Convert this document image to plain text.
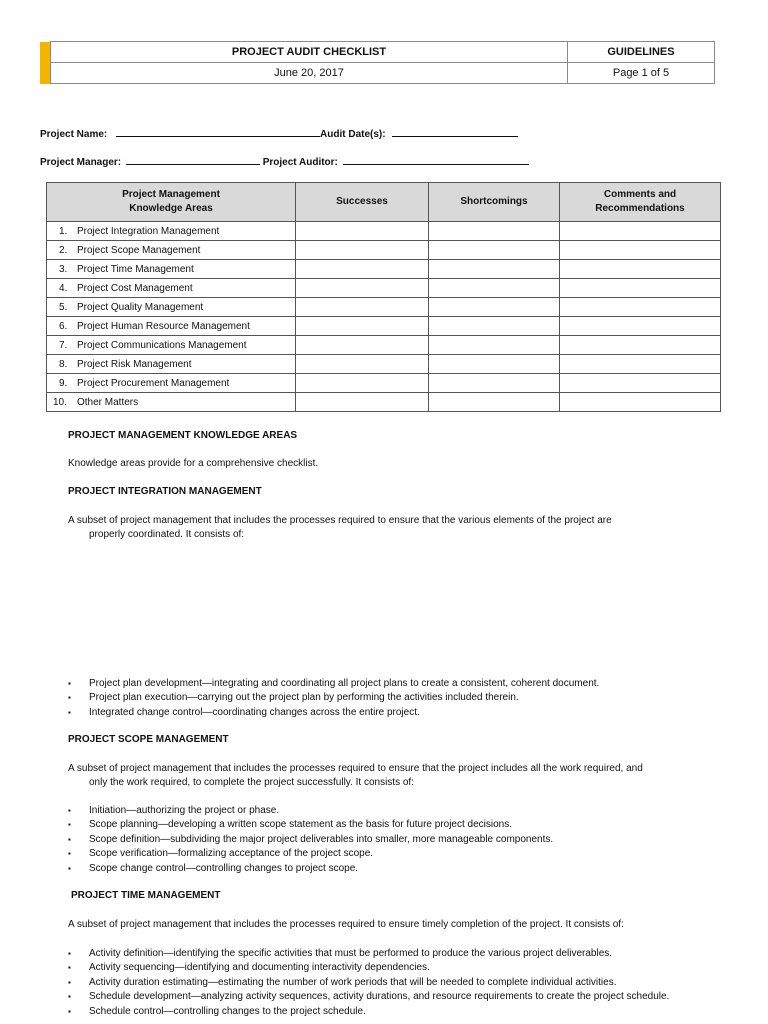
PROJECT AUDIT CHECKLIST	GUIDELINES
June 20, 2017	Page 1 of 5
Project Name:	Audit Date(s):
Project Manager:	Project Auditor:
Project Management
Knowledge Areas	Successes	Shortcomings	Comments and
Recommendations
1. Project Integration Management			
2. Project Scope Management			
3. Project Time Management			
4. Project Cost Management			
5. Project Quality Management			
6. Project Human Resource Management			
7. Project Communications Management			
8. Project Risk Management			
9. Project Procurement Management			
10. Other Matters			
PROJECT MANAGEMENT KNOWLEDGE AREAS
Knowledge areas provide for a comprehensive checklist.
PROJECT INTEGRATION MANAGEMENT
A subset of project management that includes the processes required to ensure that the various elements of the project are
properly coordinated. It consists of:
▪ Project plan development—integrating and coordinating all project plans to create a consistent, coherent document.
▪ Project plan execution—carrying out the project plan by performing the activities included therein.
▪ Integrated change control—coordinating changes across the entire project.
PROJECT SCOPE MANAGEMENT
A subset of project management that includes the processes required to ensure that the project includes all the work required, and
only the work required, to complete the project successfully. It consists of:
▪ Initiation—authorizing the project or phase.
▪ Scope planning—developing a written scope statement as the basis for future project decisions.
▪ Scope definition—subdividing the major project deliverables into smaller, more manageable components.
▪ Scope verification—formalizing acceptance of the project scope.
▪ Scope change control—controlling changes to project scope.
PROJECT TIME MANAGEMENT
A subset of project management that includes the processes required to ensure timely completion of the project. It consists of:
▪ Activity definition—identifying the specific activities that must be performed to produce the various project deliverables.
▪ Activity sequencing—identifying and documenting interactivity dependencies.
▪ Activity duration estimating—estimating the number of work periods that will be needed to complete individual activities.
▪ Schedule development—analyzing activity sequences, activity durations, and resource requirements to create the project schedule.
▪ Schedule control—controlling changes to the project schedule.
